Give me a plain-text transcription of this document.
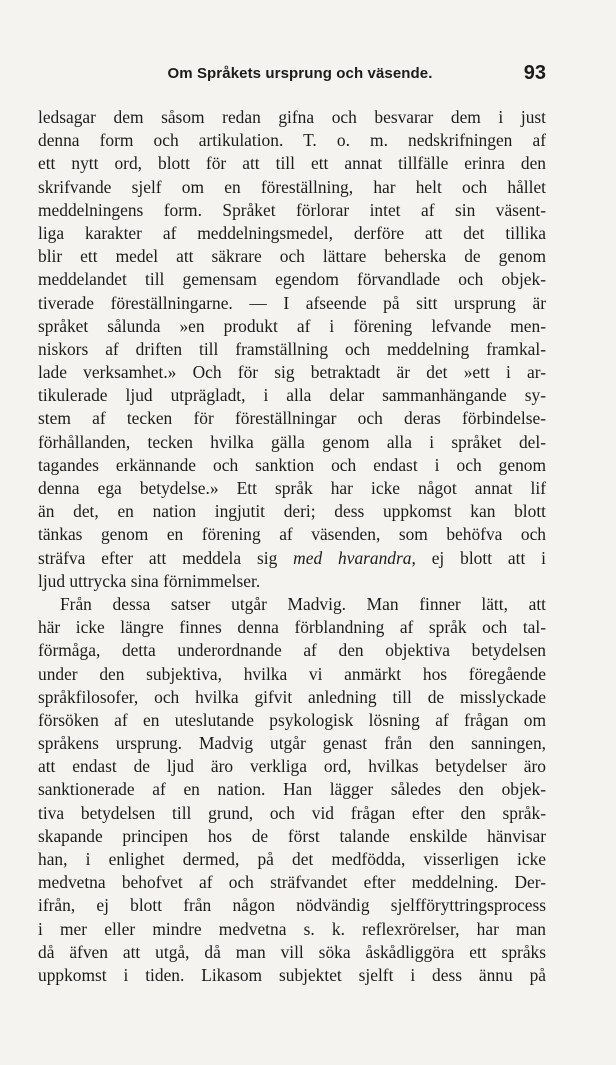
Om Språkets ursprung och väsende.	93
ledsagar dem såsom redan gifna och besvarar dem i just
denna form och artikulation. T. o. m. nedskrifningen af
ett nytt ord, blott för att till ett annat tillfälle erinra den
skrifvande sjelf om en föreställning, har helt och hållet
meddelningens form. Språket förlorar intet af sin väsent-
liga karakter af meddelningsmedel, derföre att det tillika
blir ett medel att säkrare och lättare beherska de genom
meddelandet till gemensam egendom förvandlade och objek-
tiverade föreställningarne. — I afseende på sitt ursprung är
språket sålunda »en produkt af i förening lefvande men-
niskors af driften till framställning och meddelning framkal-
lade verksamhet.» Och för sig betraktadt är det »ett i ar-
tikulerade ljud utprägladt, i alla delar sammanhängande sy-
stem af tecken för föreställningar och deras förbindelse-
förhållanden, tecken hvilka gälla genom alla i språket del-
tagandes erkännande och sanktion och endast i och genom
denna ega betydelse.» Ett språk har icke något annat lif
än det, en nation ingjutit deri; dess uppkomst kan blott
tänkas genom en förening af väsenden, som behöfva och
sträfva efter att meddela sig med hvarandra, ej blott att i
ljud uttrycka sina förnimmelser.
Från dessa satser utgår Madvig. Man finner lätt, att
här icke längre finnes denna förblandning af språk och tal-
förmåga, detta underordnande af den objektiva betydelsen
under den subjektiva, hvilka vi anmärkt hos föregående
språkfilosofer, och hvilka gifvit anledning till de misslyckade
försöken af en uteslutande psykologisk lösning af frågan om
språkens ursprung. Madvig utgår genast från den sanningen,
att endast de ljud äro verkliga ord, hvilkas betydelser äro
sanktionerade af en nation. Han lägger således den objek-
tiva betydelsen till grund, och vid frågan efter den språk-
skapande principen hos de först talande enskilde hänvisar
han, i enlighet dermed, på det medfödda, visserligen icke
medvetna behofvet af och sträfvandet efter meddelning. Der-
ifrån, ej blott från någon nödvändig sjelfföryttringsprocess
i mer eller mindre medvetna s. k. reflexrörelser, har man
då äfven att utgå, då man vill söka åskådliggöra ett språks
uppkomst i tiden. Likasom subjektet sjelft i dess ännu på
